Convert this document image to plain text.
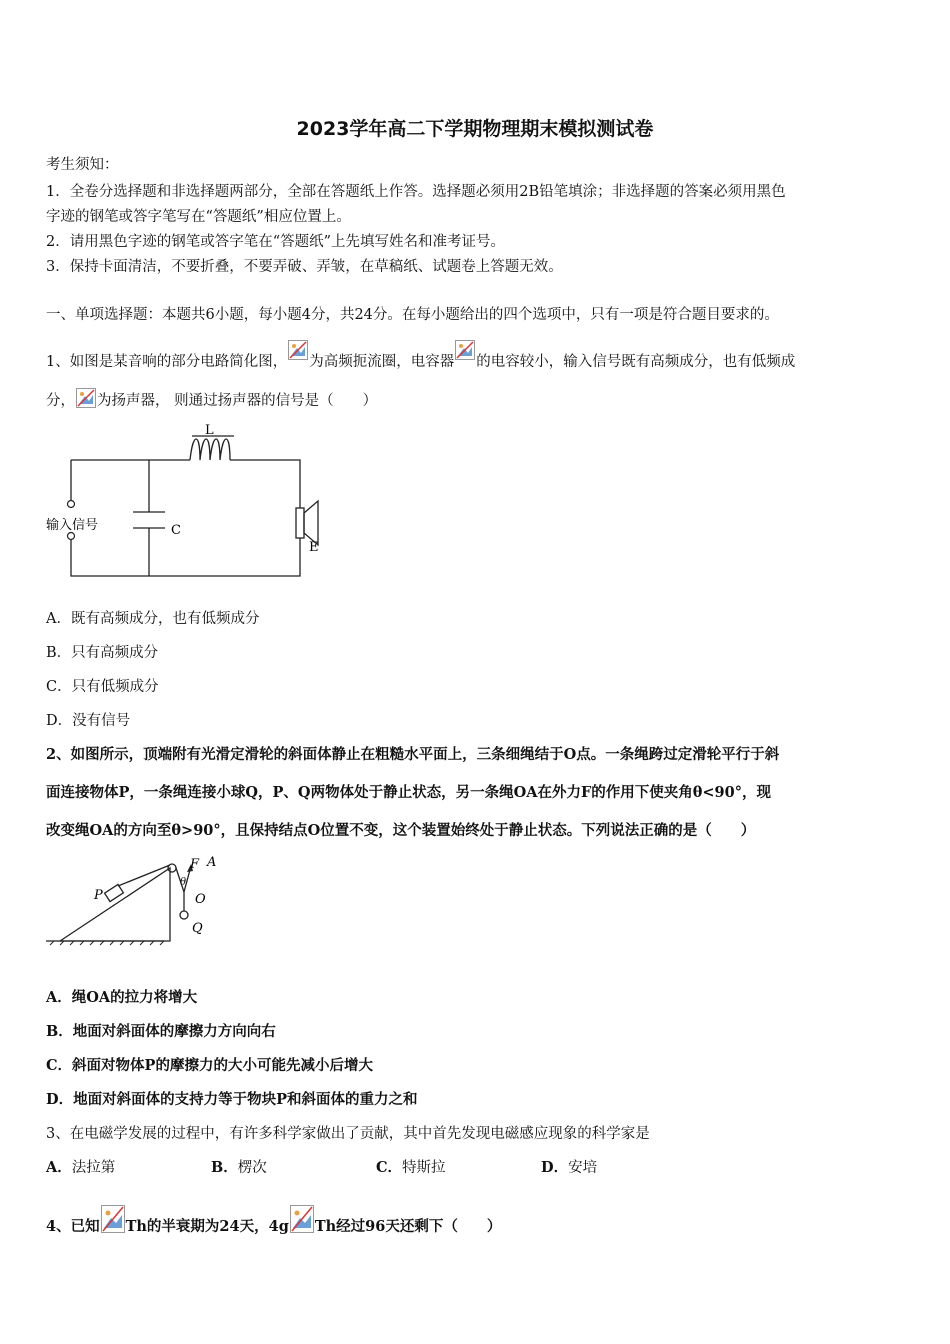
2023学年高二下学期物理期末模拟测试卷
考生须知：
1．全卷分选择题和非选择题两部分，全部在答题纸上作答。选择题必须用2B铅笔填涂；非选择题的答案必须用黑色
字迹的钢笔或答字笔写在“答题纸”相应位置上。
2．请用黑色字迹的钢笔或答字笔在“答题纸”上先填写姓名和准考证号。
3．保持卡面清洁，不要折叠，不要弄破、弄皱，在草稿纸、试题卷上答题无效。
一、单项选择题：本题共6小题，每小题4分，共24分。在每小题给出的四个选项中，只有一项是符合题目要求的。
1、如图是某音响的部分电路简化图， 为高频扼流圈，电容器 的电容较小，输入信号既有高频成分，也有低频成
分， 为扬声器， 则通过扬声器的信号是（　　）
L
C
E
输入信号
A．既有高频成分，也有低频成分
B．只有高频成分
C．只有低频成分
D．没有信号
2、如图所示，顶端附有光滑定滑轮的斜面体静止在粗糙水平面上，三条细绳结于O点。一条绳跨过定滑轮平行于斜
面连接物体P，一条绳连接小球Q，P、Q两物体处于静止状态，另一条绳OA在外力F的作用下使夹角θ<90°，现
改变绳OA的方向至θ>90°，且保持结点O位置不变，这个装置始终处于静止状态。下列说法正确的是（　　）
F A
θ
O
P
Q
A．绳OA的拉力将增大
B．地面对斜面体的摩擦力方向向右
C．斜面对物体P的摩擦力的大小可能先减小后增大
D．地面对斜面体的支持力等于物块P和斜面体的重力之和
3、在电磁学发展的过程中，有许多科学家做出了贡献，其中首先发现电磁感应现象的科学家是
A．法拉第	B．楞次	C．特斯拉	D．安培
4、已知 Th的半衰期为24天，4g Th经过96天还剩下（　　）
